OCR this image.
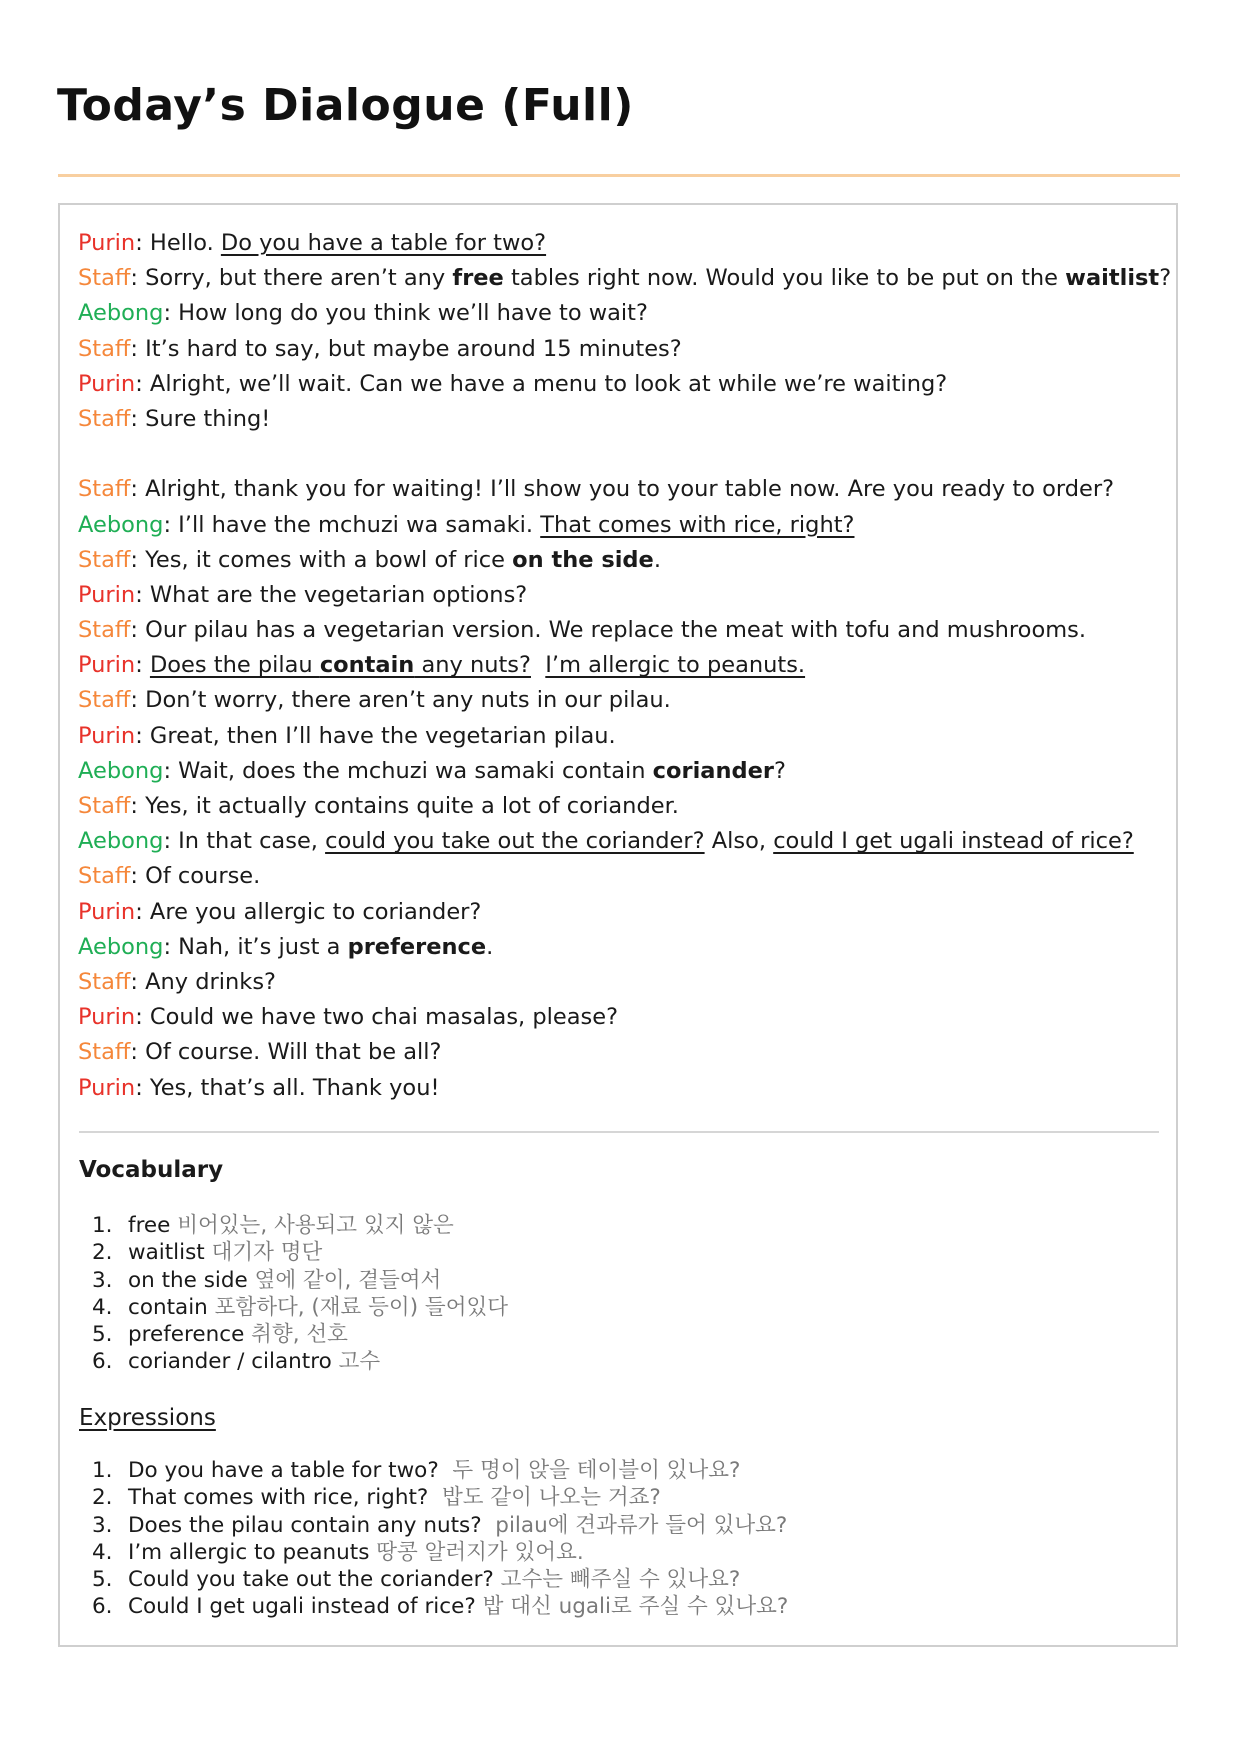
Today’s Dialogue (Full)
Purin: Hello. Do you have a table for two?
Staff: Sorry, but there aren’t any free tables right now. Would you like to be put on the waitlist?
Aebong: How long do you think we’ll have to wait?
Staff: It’s hard to say, but maybe around 15 minutes?
Purin: Alright, we’ll wait. Can we have a menu to look at while we’re waiting?
Staff: Sure thing!
Staff: Alright, thank you for waiting! I’ll show you to your table now. Are you ready to order?
Aebong: I’ll have the mchuzi wa samaki. That comes with rice, right?
Staff: Yes, it comes with a bowl of rice on the side.
Purin: What are the vegetarian options?
Staff: Our pilau has a vegetarian version. We replace the meat with tofu and mushrooms.
Purin: Does the pilau contain any nuts? I’m allergic to peanuts.
Staff: Don’t worry, there aren’t any nuts in our pilau.
Purin: Great, then I’ll have the vegetarian pilau.
Aebong: Wait, does the mchuzi wa samaki contain coriander?
Staff: Yes, it actually contains quite a lot of coriander.
Aebong: In that case, could you take out the coriander? Also, could I get ugali instead of rice?
Staff: Of course.
Purin: Are you allergic to coriander?
Aebong: Nah, it’s just a preference.
Staff: Any drinks?
Purin: Could we have two chai masalas, please?
Staff: Of course. Will that be all?
Purin: Yes, that’s all. Thank you!
Vocabulary
1. free 비어있는, 사용되고 있지 않은
2. waitlist 대기자 명단
3. on the side 옆에 같이, 곁들여서
4. contain 포함하다, (재료 등이) 들어있다
5. preference 취향, 선호
6. coriander / cilantro 고수
Expressions
1. Do you have a table for two?  두 명이 앉을 테이블이 있나요?
2. That comes with rice, right?  밥도 같이 나오는 거죠?
3. Does the pilau contain any nuts?  pilau에 견과류가 들어 있나요?
4. I’m allergic to peanuts 땅콩 알러지가 있어요.
5. Could you take out the coriander? 고수는 빼주실 수 있나요?
6. Could I get ugali instead of rice? 밥 대신 ugali로 주실 수 있나요?
